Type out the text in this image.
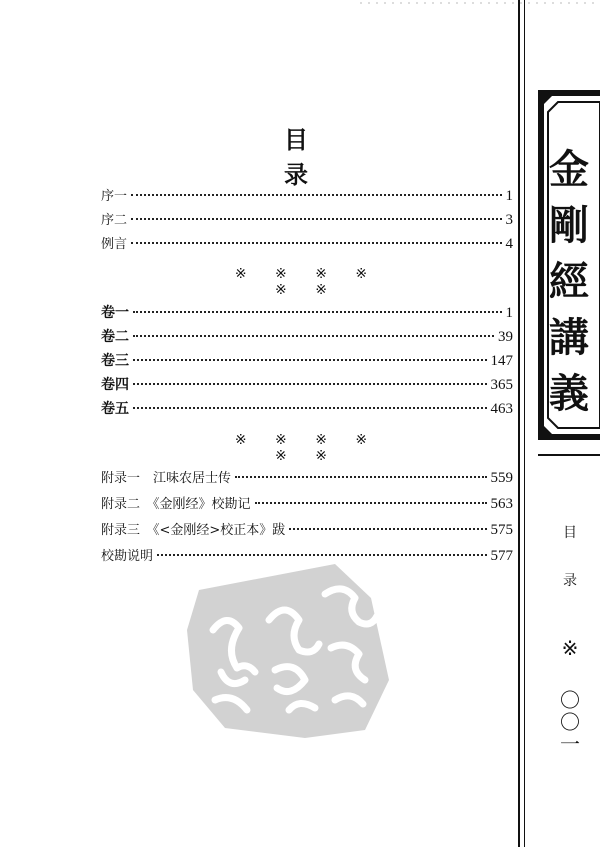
目 录
序一	1
序二	3
例言	4
※ ※ ※ ※ ※ ※
卷一	1
卷二	39
卷三	147
卷四	365
卷五	463
※ ※ ※ ※ ※ ※
附录一　江味农居士传	559
附录二　《金刚经》校勘记	563
附录三　《<金刚经>校正本》跋	575
校勘说明	577
金
剛
經
講
義
目
录
※
〇
〇
一
